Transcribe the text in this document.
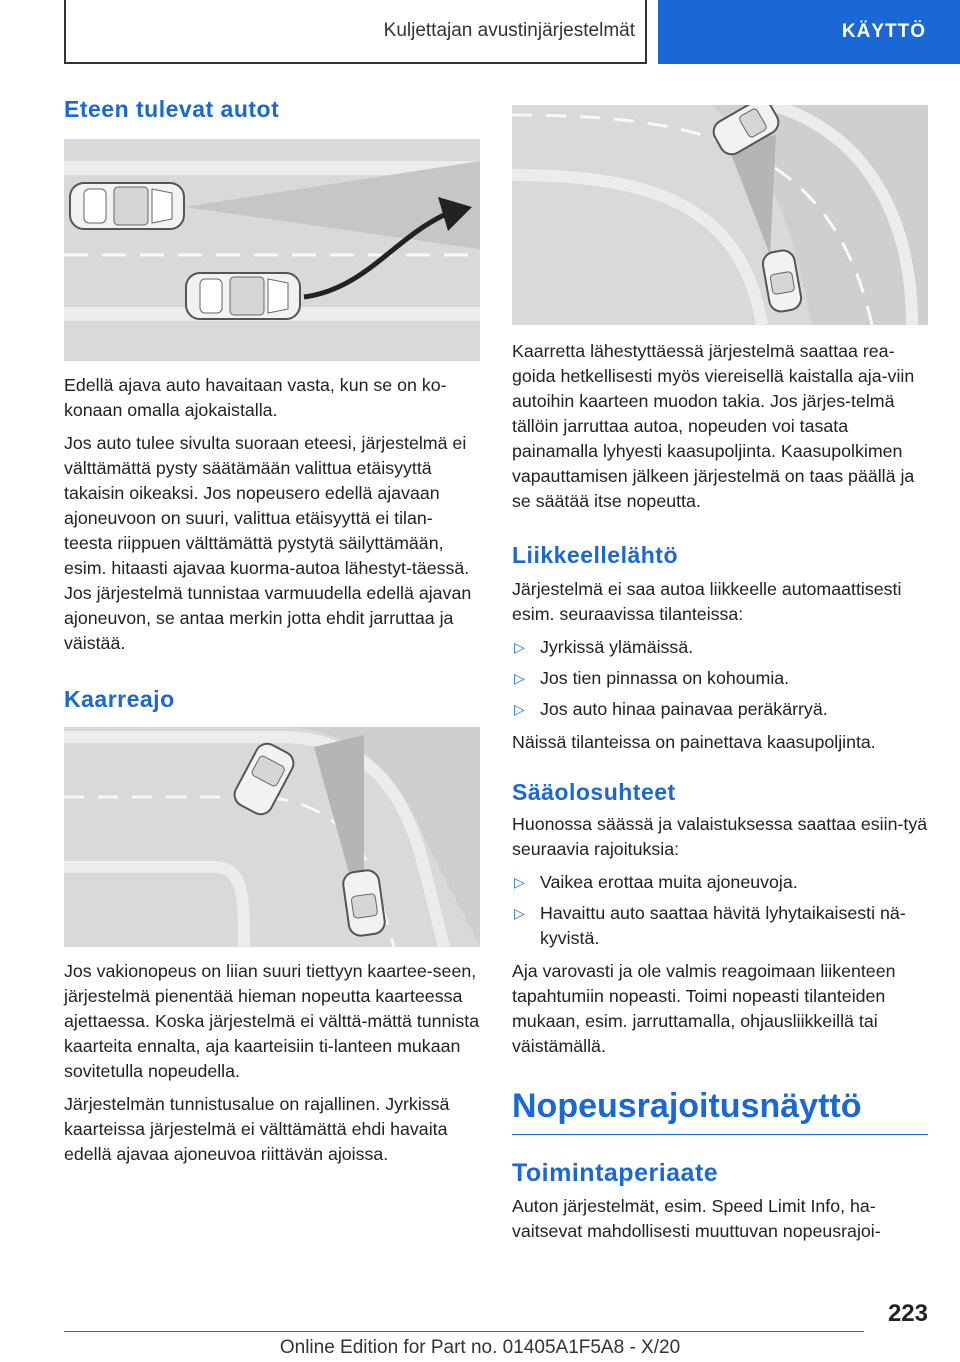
Kuljettajan avustinjärjestelmät	KÄYTTÖ
Eteen tulevat autot

Edellä ajava auto havaitaan vasta, kun se on ko‐konaan omalla ajokaistalla.

Jos auto tulee sivulta suoraan eteesi, järjestelmä ei välttämättä pysty säätämään valittua etäisyyttä takaisin oikeaksi. Jos nopeusero edellä ajavaan ajoneuvoon on suuri, valittua etäisyyttä ei tilan‐teesta riippuen välttämättä pystytä säilyttämään, esim. hitaasti ajavaa kuorma-autoa lähestyt‐täessä. Jos järjestelmä tunnistaa varmuudella edellä ajavan ajoneuvon, se antaa merkin jotta ehdit jarruttaa ja väistää.

Kaarreajo

Jos vakionopeus on liian suuri tiettyyn kaartee‐seen, järjestelmä pienentää hieman nopeutta kaarteessa ajettaessa. Koska järjestelmä ei välttä‐mättä tunnista kaarteita ennalta, aja kaarteisiin ti‐lanteen mukaan sovitetulla nopeudella.

Järjestelmän tunnistusalue on rajallinen. Jyrkissä kaarteissa järjestelmä ei välttämättä ehdi havaita edellä ajavaa ajoneuvoa riittävän ajoissa.

Kaarretta lähestyttäessä järjestelmä saattaa rea‐goida hetkellisesti myös viereisellä kaistalla aja‐viin autoihin kaarteen muodon takia. Jos järjes‐telmä tällöin jarruttaa autoa, nopeuden voi tasata painamalla lyhyesti kaasupoljinta. Kaasupolkimen vapauttamisen jälkeen järjestelmä on taas päällä ja se säätää itse nopeutta.

Liikkeellelähtö

Järjestelmä ei saa autoa liikkeelle automaattisesti esim. seuraavissa tilanteissa:

▷ Jyrkissä ylämäissä.
▷ Jos tien pinnassa on kohoumia.
▷ Jos auto hinaa painavaa peräkärryä.

Näissä tilanteissa on painettava kaasupoljinta.

Sääolosuhteet

Huonossa säässä ja valaistuksessa saattaa esiin‐tyä seuraavia rajoituksia:

▷ Vaikea erottaa muita ajoneuvoja.
▷ Havaittu auto saattaa hävitä lyhytaikaisesti nä‐kyvistä.

Aja varovasti ja ole valmis reagoimaan liikenteen tapahtumiin nopeasti. Toimi nopeasti tilanteiden mukaan, esim. jarruttamalla, ohjausliikkeillä tai väistämällä.

Nopeusrajoitusnäyttö
Toimintaperiaate

Auton järjestelmät, esim. Speed Limit Info, ha‐vaitsevat mahdollisesti muuttuvan nopeusrajoi‐

223
Online Edition for Part no. 01405A1F5A8 - X/20
